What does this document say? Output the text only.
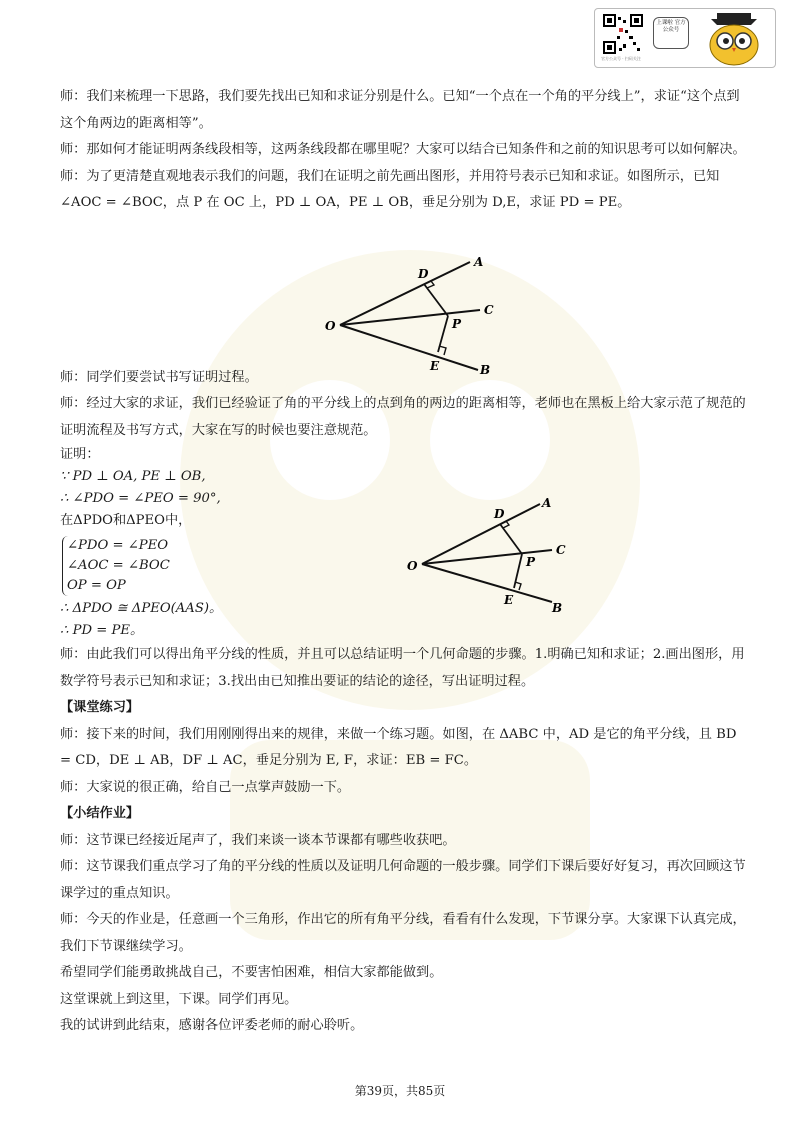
上课啦 官方公众号
官方公众号 · 扫码关注

师：我们来梳理一下思路，我们要先找出已知和求证分别是什么。已知“一个点在一个角的平分线上”，求证“这个点到这个角两边的距离相等”。

师：那如何才能证明两条线段相等，这两条线段都在哪里呢？大家可以结合已知条件和之前的知识思考可以如何解决。

师：为了更清楚直观地表示我们的问题，我们在证明之前先画出图形，并用符号表示已知和求证。如图所示，已知∠AOC = ∠BOC，点 P 在 OC 上，PD ⊥ OA，PE ⊥ OB，垂足分别为 D,E，求证 PD = PE。

师：同学们要尝试书写证明过程。

师：经过大家的求证，我们已经验证了角的平分线上的点到角的两边的距离相等，老师也在黑板上给大家示范了规范的证明流程及书写方式，大家在写的时候也要注意规范。

证明：

∵ PD ⊥ OA, PE ⊥ OB,

∴ ∠PDO = ∠PEO = 90°,

在ΔPDO和ΔPEO中，

∠PDO = ∠PEO
∠AOC = ∠BOC
OP = OP

∴ ΔPDO ≅ ΔPEO(AAS)。

∴ PD = PE。

师：由此我们可以得出角平分线的性质，并且可以总结证明一个几何命题的步骤。1.明确已知和求证；2.画出图形，用数学符号表示已知和求证；3.找出由已知推出要证的结论的途径，写出证明过程。

【课堂练习】

师：接下来的时间，我们用刚刚得出来的规律，来做一个练习题。如图，在 ΔABC 中，AD 是它的角平分线，且 BD = CD，DE ⊥ AB，DF ⊥ AC，垂足分别为 E, F，求证：EB = FC。

师：大家说的很正确，给自己一点掌声鼓励一下。

【小结作业】

师：这节课已经接近尾声了，我们来谈一谈本节课都有哪些收获吧。

师：这节课我们重点学习了角的平分线的性质以及证明几何命题的一般步骤。同学们下课后要好好复习，再次回顾这节课学过的重点知识。

师：今天的作业是，任意画一个三角形，作出它的所有角平分线，看看有什么发现，下节课分享。大家课下认真完成，我们下节课继续学习。

希望同学们能勇敢挑战自己，不要害怕困难，相信大家都能做到。

这堂课就上到这里，下课。同学们再见。

我的试讲到此结束，感谢各位评委老师的耐心聆听。

A
B
C
D
E
O	P
A
B
C
D
E
O	P
第39页，共85页
